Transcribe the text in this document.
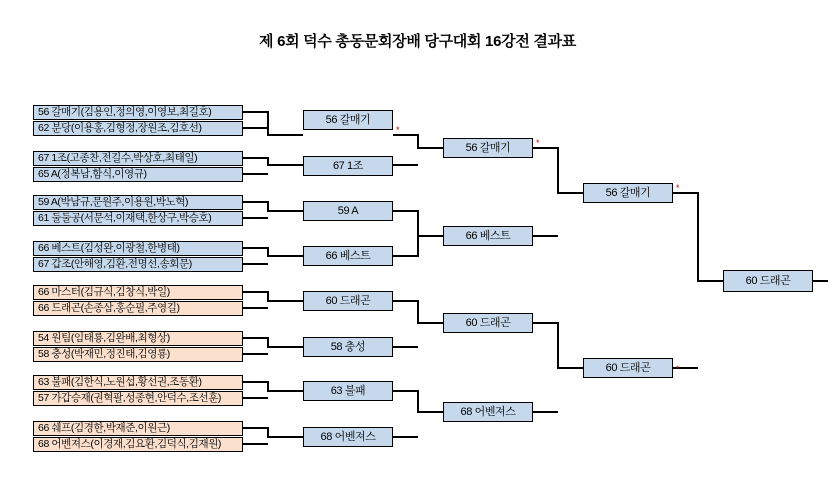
제 6회 덕수 총동문회장배 당구대회 16강전 결과표
*
*
*
*
56 갈매기(김용인,정의영,이영보,최길호)
62 분당(이용홍,김형정,장원조,김호선)
67 1조(고종찬,전길수,박상호,최태일)
65 A(정복남,함식,이영규)
59 A(박남규,문원주,이용원,박노혁)
61 둘둘공(서문석,이재택,한상구,박승호)
66 베스트(김성완,이광철,한병태)
67 갑조(안해영,김환,전명선,송회문)
66 마스터(김규식,김창식,박일)
66 드래곤(손종삼,홍순필,주영길)
54 원팀(임태룡,김완배,최형상)
58 충성(박재민,정진태,김영룡)
63 불패(김한식,노원섭,황선권,조동환)
57 가갑승재(권혁팔,성종현,안덕수,조선훈)
66 쉐프(김경한,박재준,이원근)
68 어벤져스(이경재,김요환,김덕식,김재원)
56 갈매기
67 1조
59 A
66 베스트
60 드래곤
58 충성
63 불패
68 어벤져스
56 갈매기
66 베스트
60 드래곤
68 어벤져스
56 갈매기
60 드래곤
60 드래곤
